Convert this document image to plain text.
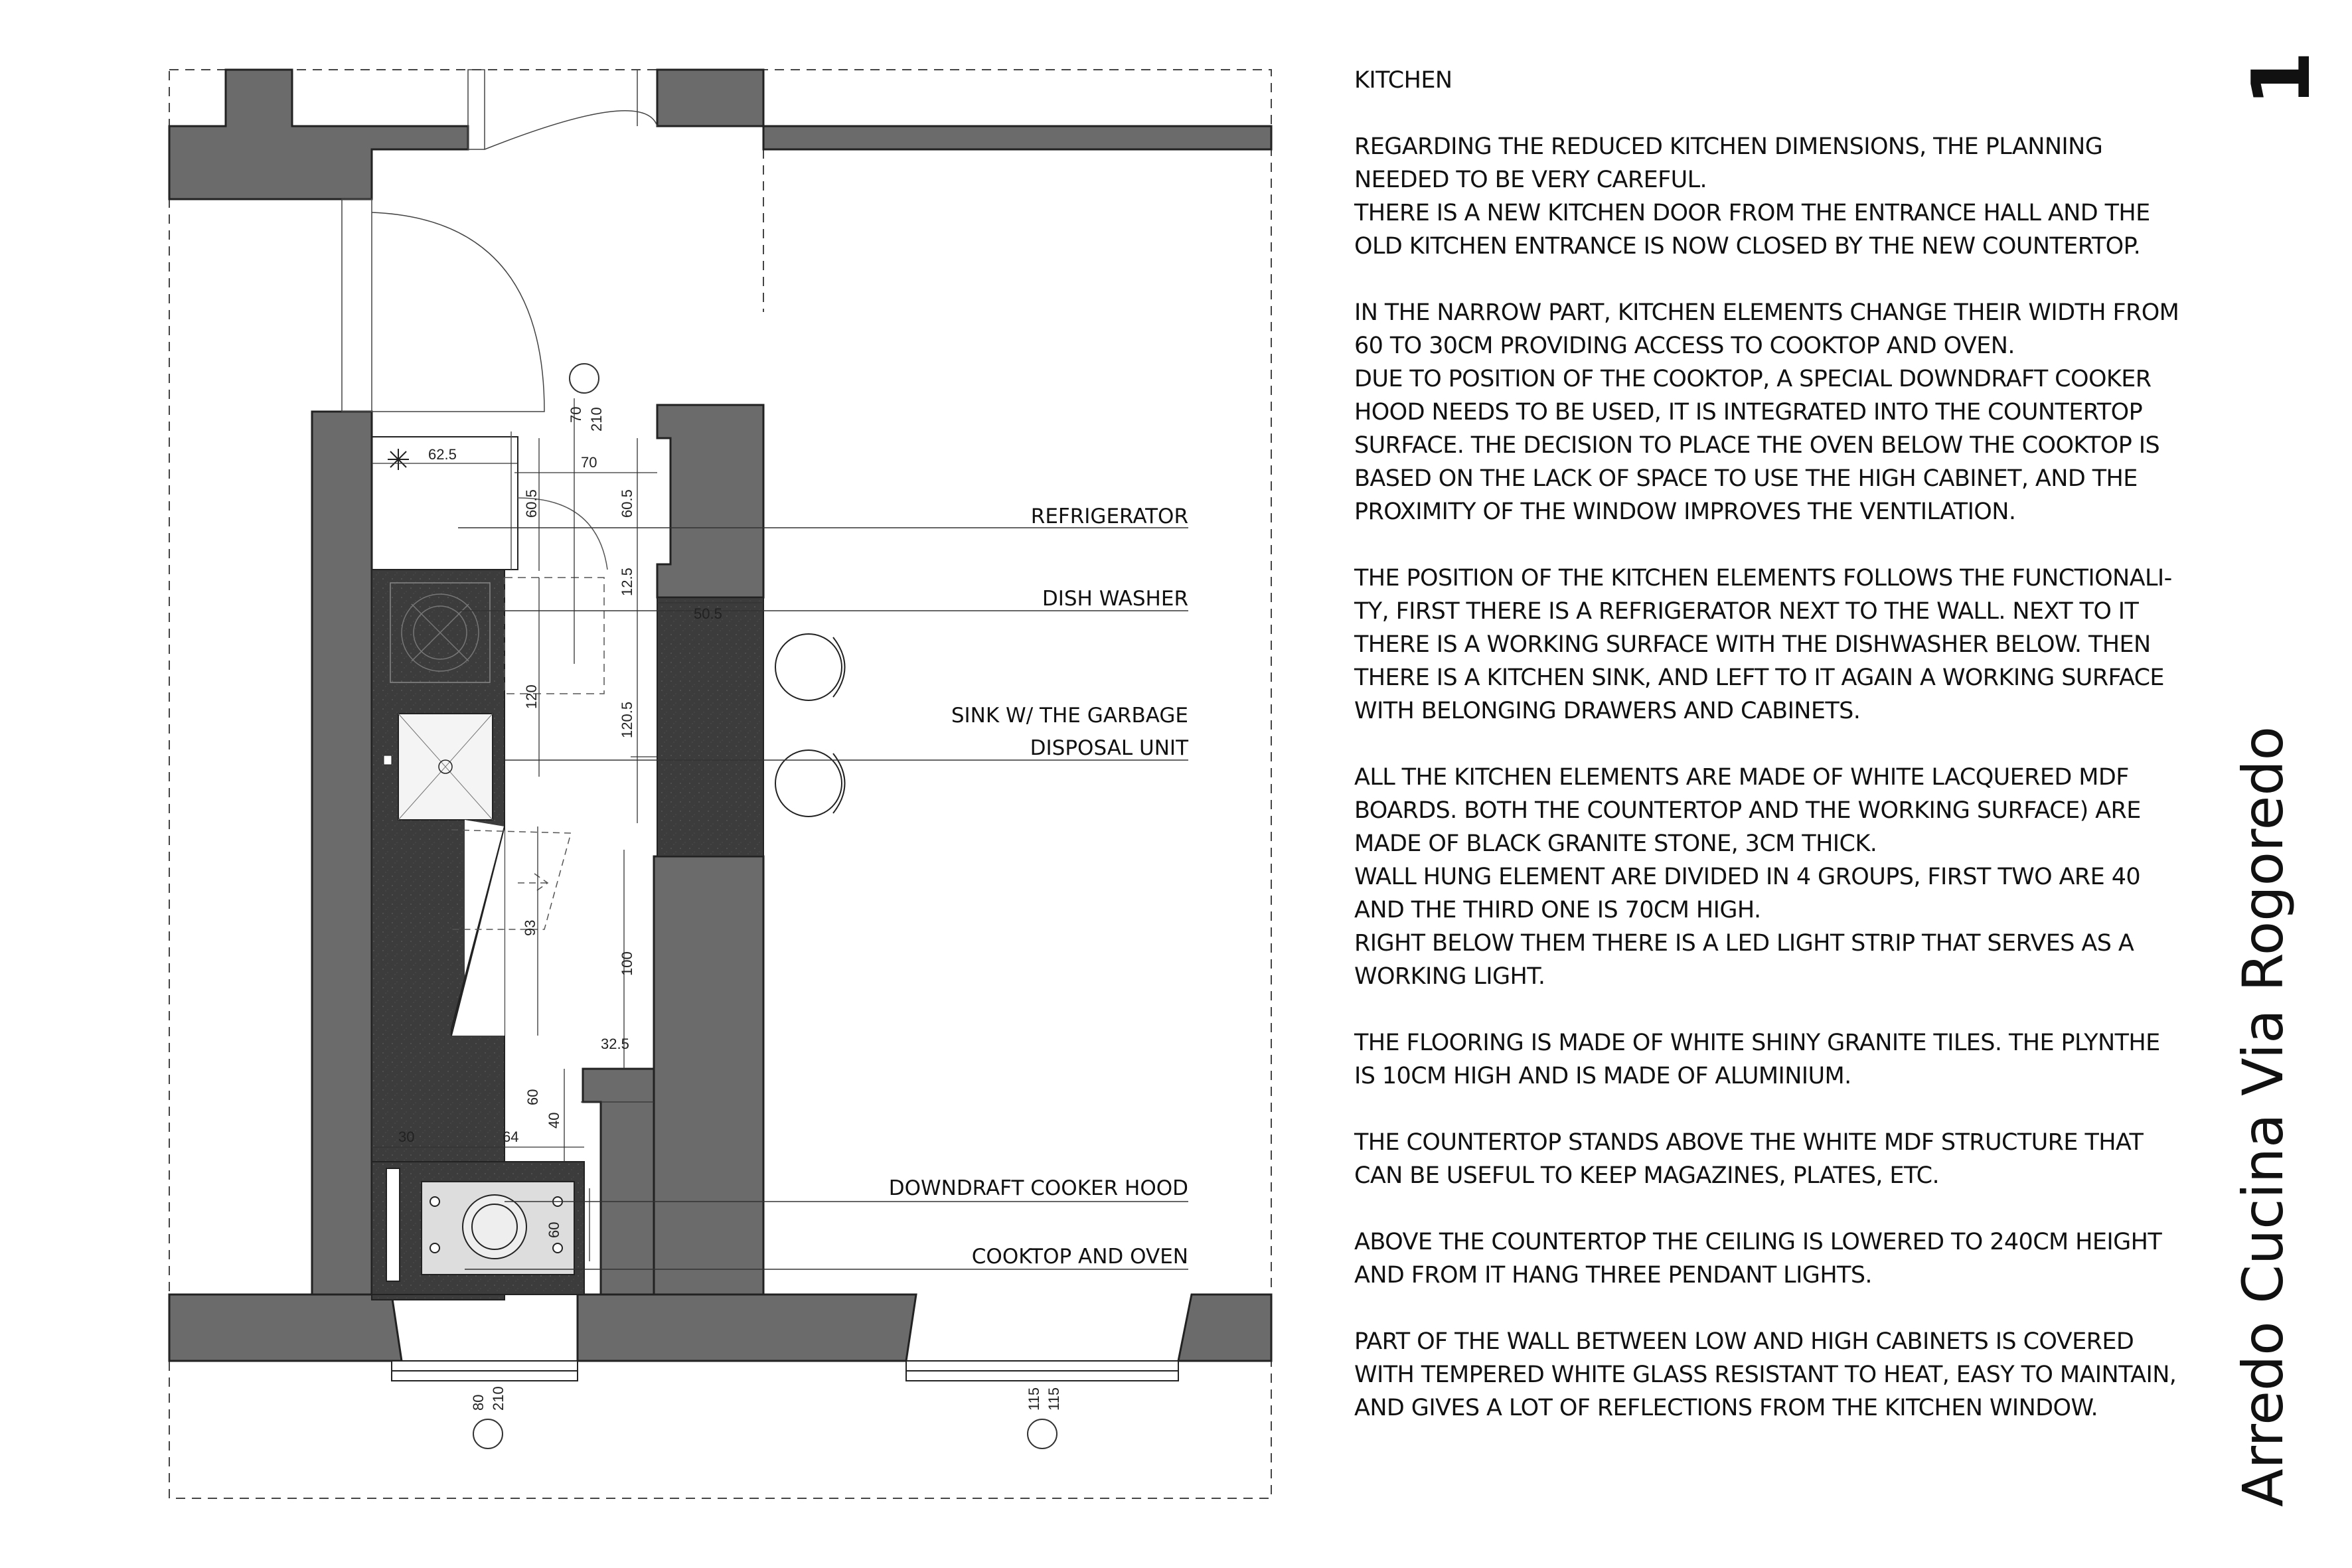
REFRIGERATOR
DISH WASHER
SINK W/ THE GARBAGE
DISPOSAL UNIT
DOWNDRAFT COOKER HOOD
COOKTOP AND OVEN
62.5	70
70 210
60.5	60.5
12.5
50.5
120
120.5
93
100
32.5
60
40
30	64
60
80 210	115 115
KITCHEN
REGARDING THE REDUCED KITCHEN DIMENSIONS, THE PLANNING
NEEDED TO BE VERY CAREFUL.
THERE IS A NEW KITCHEN DOOR FROM THE ENTRANCE HALL AND THE
OLD KITCHEN ENTRANCE IS NOW CLOSED BY THE NEW COUNTERTOP.
IN THE NARROW PART, KITCHEN ELEMENTS CHANGE THEIR WIDTH FROM
60 TO 30CM PROVIDING ACCESS TO COOKTOP AND OVEN.
DUE TO POSITION OF THE COOKTOP, A SPECIAL DOWNDRAFT COOKER
HOOD NEEDS TO BE USED, IT IS INTEGRATED INTO THE COUNTERTOP
SURFACE. THE DECISION TO PLACE THE OVEN BELOW THE COOKTOP IS
BASED ON THE LACK OF SPACE TO USE THE HIGH CABINET, AND THE
PROXIMITY OF THE WINDOW IMPROVES THE VENTILATION.
THE POSITION OF THE KITCHEN ELEMENTS FOLLOWS THE FUNCTIONALI-
TY, FIRST THERE IS A REFRIGERATOR NEXT TO THE WALL. NEXT TO IT
THERE IS A WORKING SURFACE WITH THE DISHWASHER BELOW. THEN
THERE IS A KITCHEN SINK, AND LEFT TO IT AGAIN A WORKING SURFACE
WITH BELONGING DRAWERS AND CABINETS.
ALL THE KITCHEN ELEMENTS ARE MADE OF WHITE LACQUERED MDF
BOARDS. BOTH THE COUNTERTOP AND THE WORKING SURFACE) ARE
MADE OF BLACK GRANITE STONE, 3CM THICK.
WALL HUNG ELEMENT ARE DIVIDED IN 4 GROUPS, FIRST TWO ARE 40
AND THE THIRD ONE IS 70CM HIGH.
RIGHT BELOW THEM THERE IS A LED LIGHT STRIP THAT SERVES AS A
WORKING LIGHT.
THE FLOORING IS MADE OF WHITE SHINY GRANITE TILES. THE PLYNTHE
IS 10CM HIGH AND IS MADE OF ALUMINIUM.
THE COUNTERTOP STANDS ABOVE THE WHITE MDF STRUCTURE THAT
CAN BE USEFUL TO KEEP MAGAZINES, PLATES, ETC.
ABOVE THE COUNTERTOP THE CEILING IS LOWERED TO 240CM HEIGHT
AND FROM IT HANG THREE PENDANT LIGHTS.
PART OF THE WALL BETWEEN LOW AND HIGH CABINETS IS COVERED
WITH TEMPERED WHITE GLASS RESISTANT TO HEAT, EASY TO MAINTAIN,
AND GIVES A LOT OF REFLECTIONS FROM THE KITCHEN WINDOW.	Arredo Cucina Via Rogoredo
1
